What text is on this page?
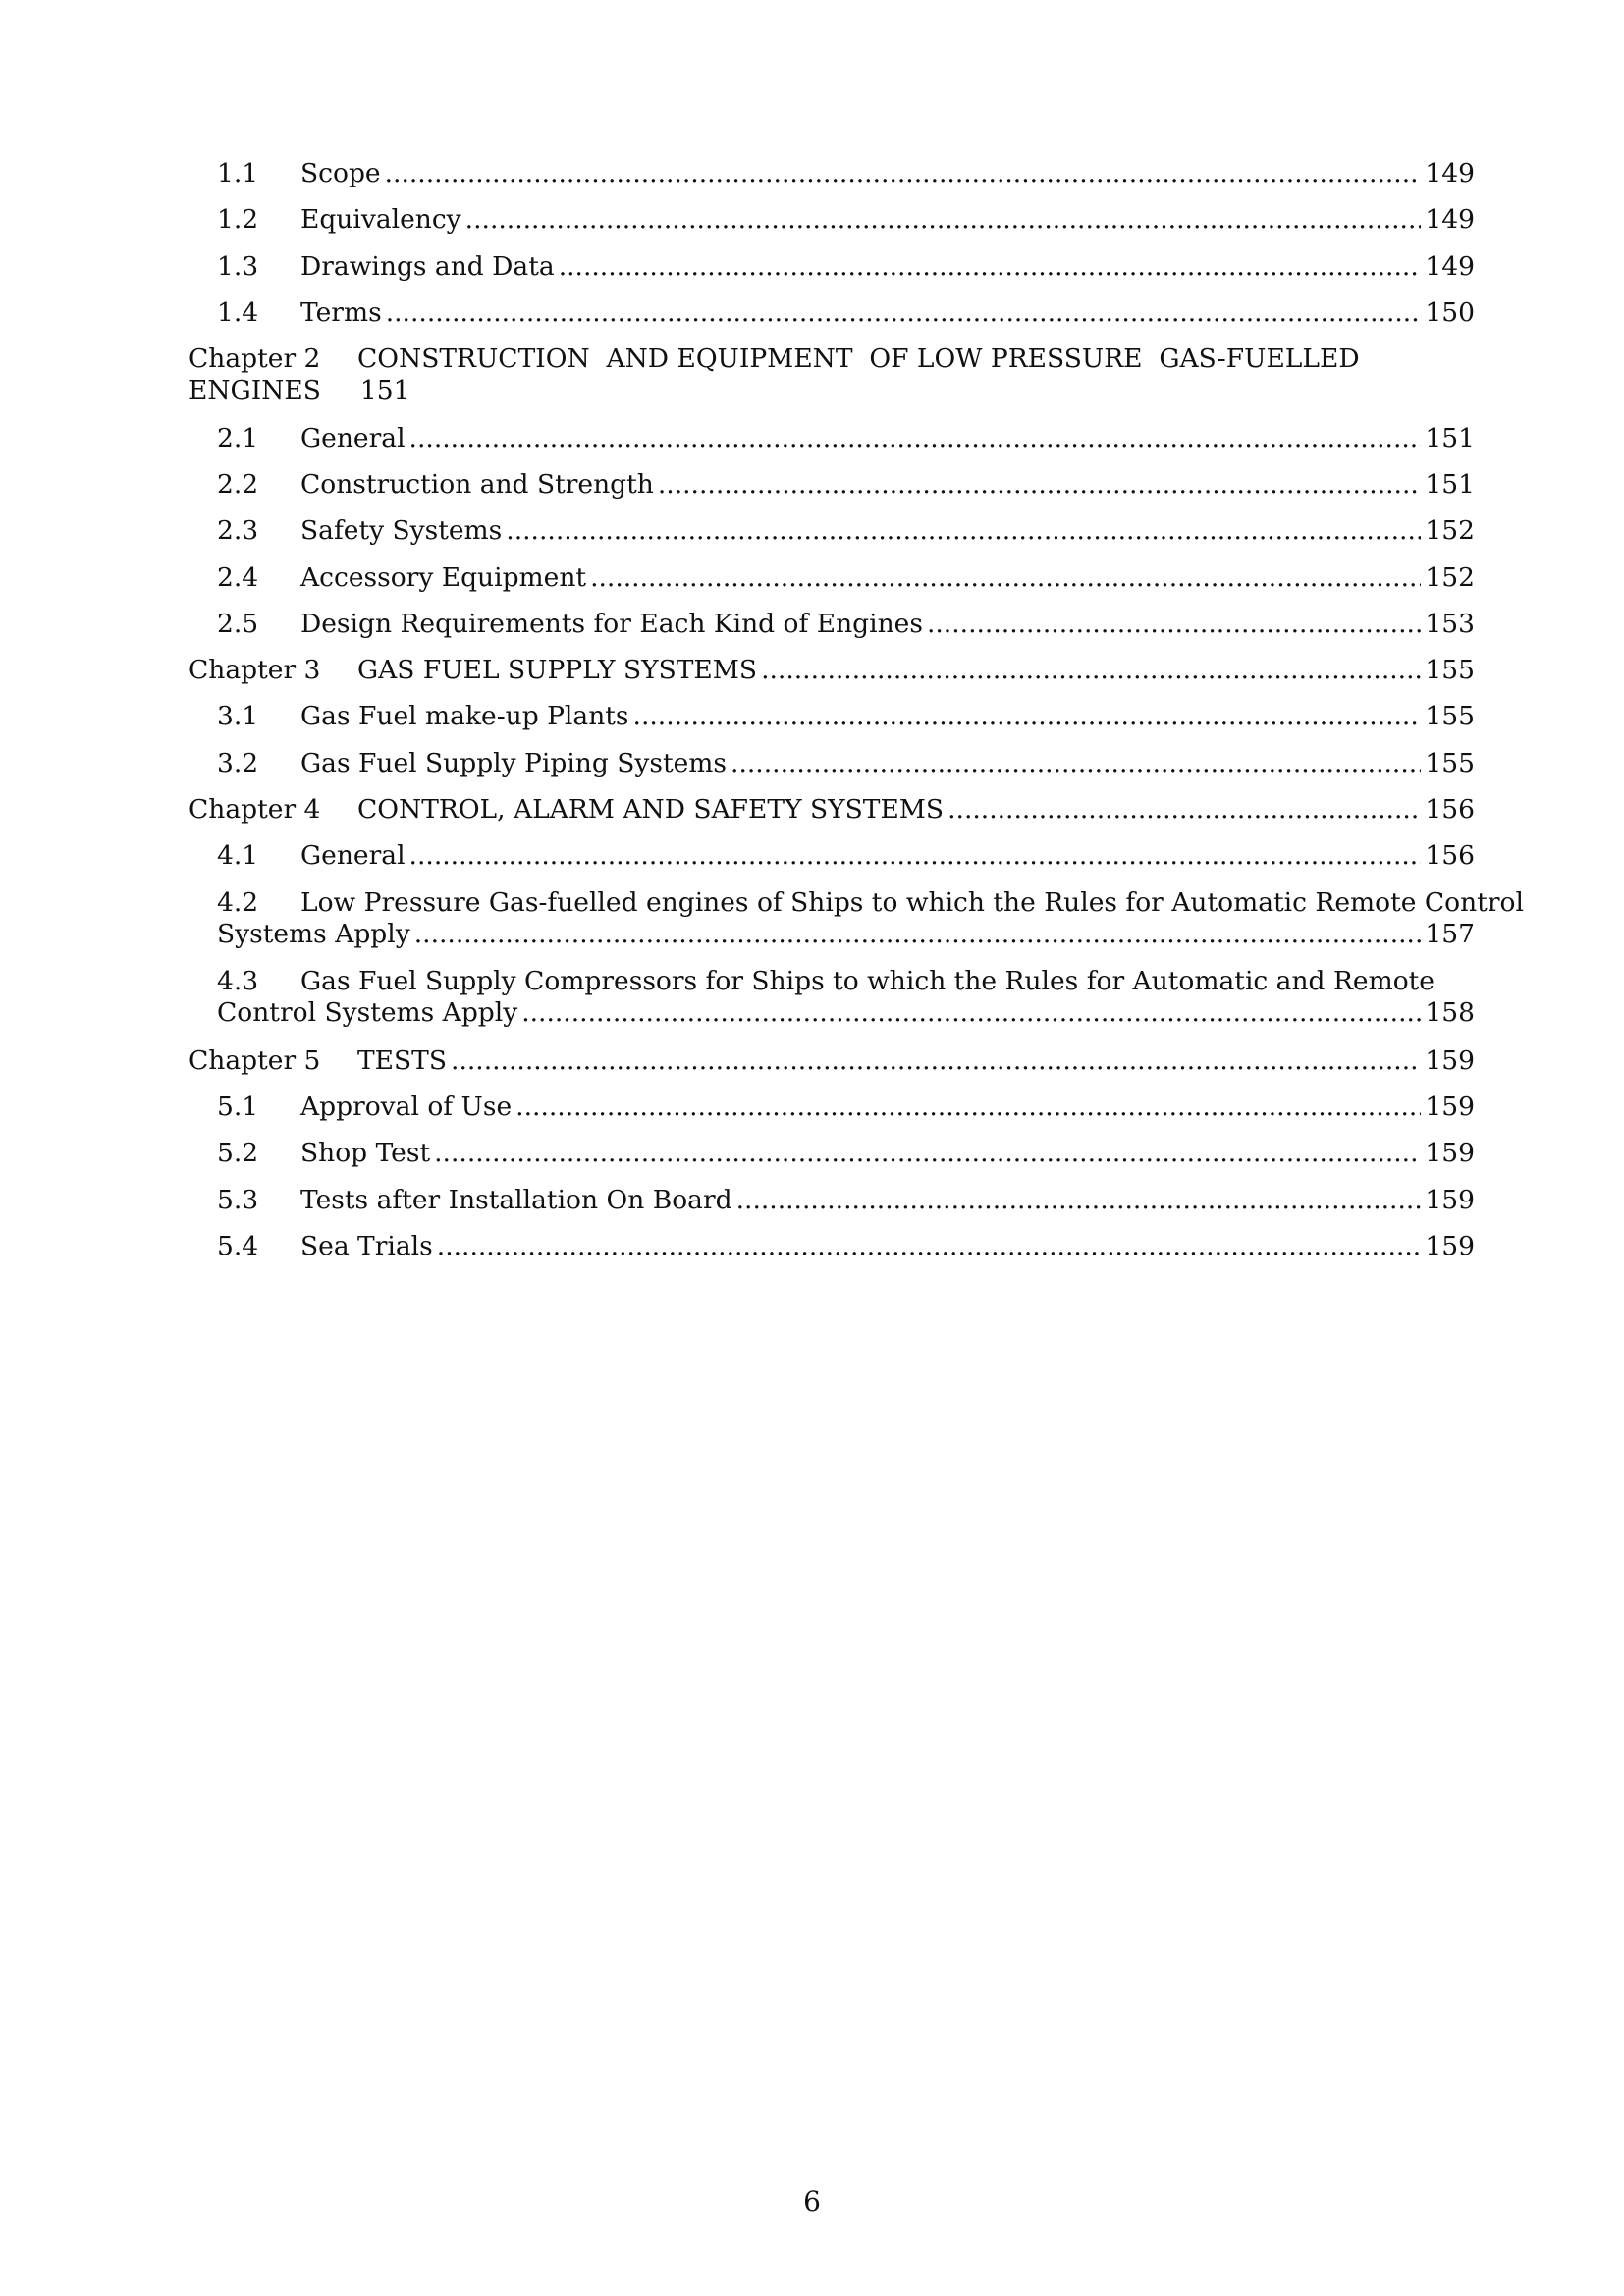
1.1	Scope .....	149
1.2	Equivalency .....	149
1.3	Drawings and Data .....	149
1.4	Terms .....	150
Chapter 2	CONSTRUCTION  AND EQUIPMENT  OF LOW PRESSURE  GAS-FUELLED
ENGINES 151
2.1	General .....	151
2.2	Construction and Strength .....	151
2.3	Safety Systems .....	152
2.4	Accessory Equipment .....	152
2.5	Design Requirements for Each Kind of Engines .....	153
Chapter 3	GAS FUEL SUPPLY SYSTEMS .....	155
3.1	Gas Fuel make-up Plants .....	155
3.2	Gas Fuel Supply Piping Systems .....	155
Chapter 4	CONTROL, ALARM AND SAFETY SYSTEMS .....	156
4.1	General .....	156
4.2	Low Pressure Gas-fuelled engines of Ships to which the Rules for Automatic Remote Control
Systems Apply .....	157
4.3	Gas Fuel Supply Compressors for Ships to which the Rules for Automatic and Remote
Control Systems Apply .....	158
Chapter 5	TESTS .....	159
5.1	Approval of Use .....	159
5.2	Shop Test .....	159
5.3	Tests after Installation On Board .....	159
5.4	Sea Trials .....	159
6
